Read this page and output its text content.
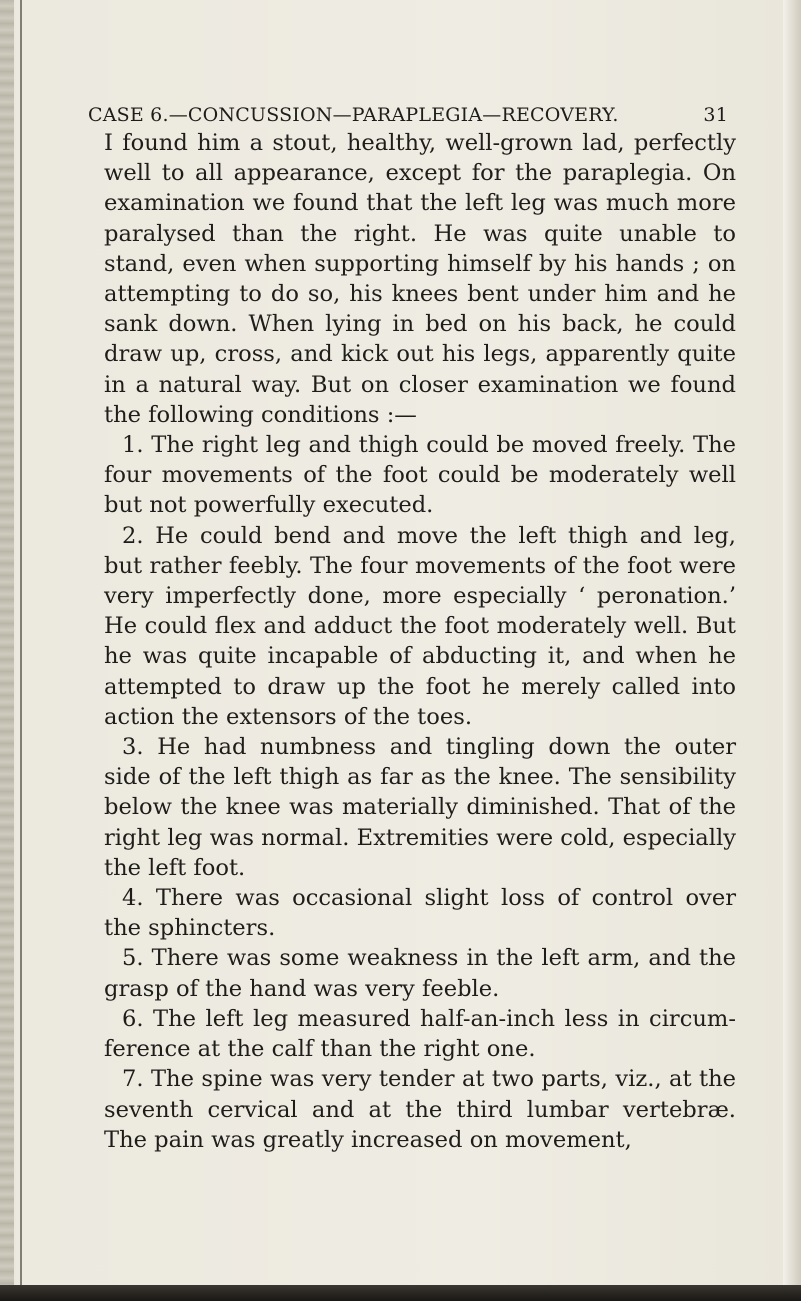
CASE 6.—CONCUSSION—PARAPLEGIA—RECOVERY.	31

I found him a stout, healthy, well-grown lad, perfectly well to all appearance, except for the paraplegia. On examination we found that the left leg was much more paralysed than the right. He was quite unable to stand, even when supporting himself by his hands ; on attempting to do so, his knees bent under him and he sank down. When lying in bed on his back, he could draw up, cross, and kick out his legs, apparently quite in a natural way. But on closer examination we found the following conditions :—

1. The right leg and thigh could be moved freely. The four movements of the foot could be moderately well but not powerfully executed.

2. He could bend and move the left thigh and leg, but rather feebly. The four movements of the foot were very imperfectly done, more especially ‘ peronation.’ He could flex and adduct the foot moderately well. But he was quite incapable of abducting it, and when he attempted to draw up the foot he merely called into action the extensors of the toes.

3. He had numbness and tingling down the outer side of the left thigh as far as the knee. The sensibility below the knee was materially diminished. That of the right leg was normal. Extremities were cold, especially the left foot.

4. There was occasional slight loss of control over the sphincters.

5. There was some weakness in the left arm, and the grasp of the hand was very feeble.

6. The left leg measured half-an-inch less in circumference at the calf than the right one.

7. The spine was very tender at two parts, viz., at the seventh cervical and at the third lumbar vertebræ. The pain was greatly increased on movement,
